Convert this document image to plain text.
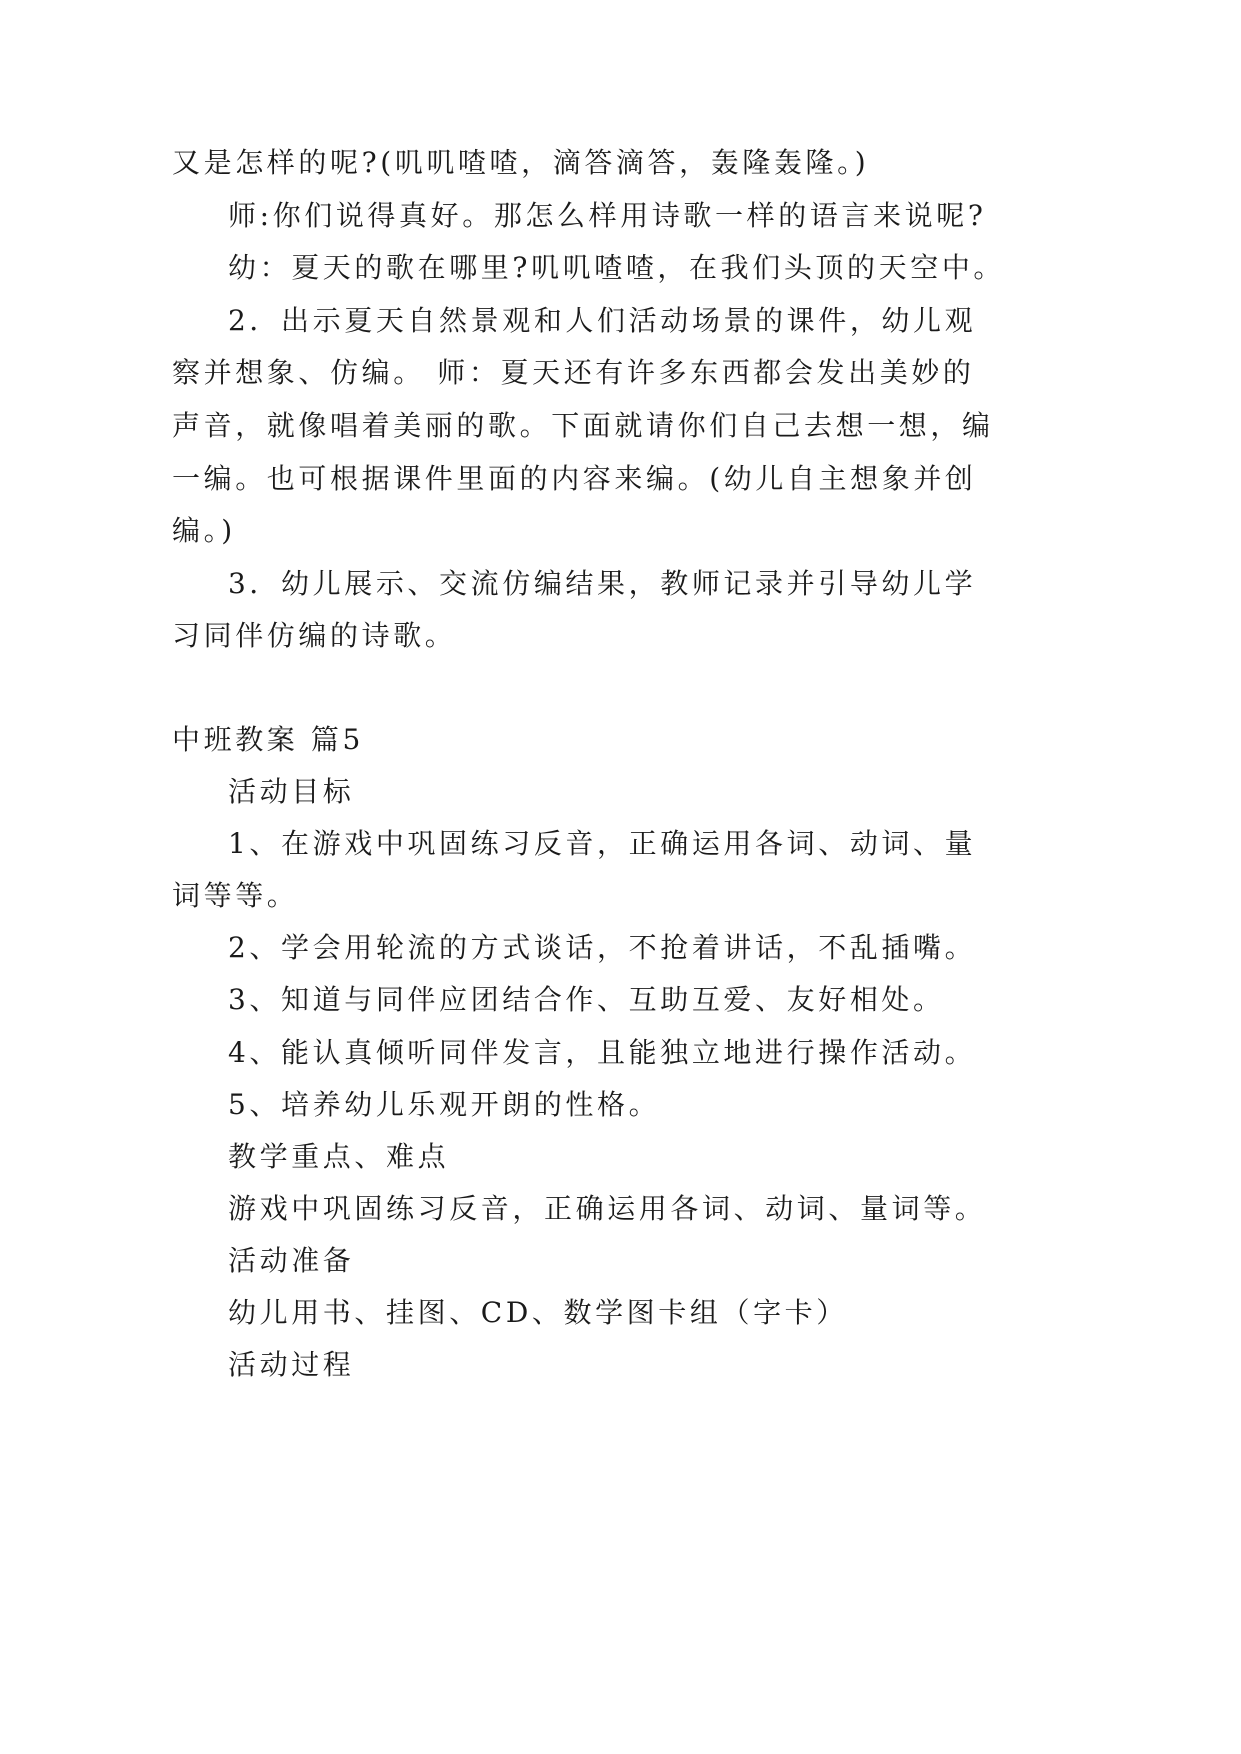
又是怎样的呢?(叽叽喳喳，滴答滴答，轰隆轰隆。)
师:你们说得真好。那怎么样用诗歌一样的语言来说呢?
幼：夏天的歌在哪里?叽叽喳喳，在我们头顶的天空中。
2．出示夏天自然景观和人们活动场景的课件，幼儿观
察并想象、仿编。 师：夏天还有许多东西都会发出美妙的
声音，就像唱着美丽的歌。下面就请你们自己去想一想，编
一编。也可根据课件里面的内容来编。(幼儿自主想象并创
编。)
3．幼儿展示、交流仿编结果，教师记录并引导幼儿学
习同伴仿编的诗歌。
中班教案 篇5
活动目标
1、在游戏中巩固练习反音，正确运用各词、动词、量
词等等。
2、学会用轮流的方式谈话，不抢着讲话，不乱插嘴。
3、知道与同伴应团结合作、互助互爱、友好相处。
4、能认真倾听同伴发言，且能独立地进行操作活动。
5、培养幼儿乐观开朗的性格。
教学重点、难点
游戏中巩固练习反音，正确运用各词、动词、量词等。
活动准备
幼儿用书、挂图、CD、数学图卡组（字卡）
活动过程
